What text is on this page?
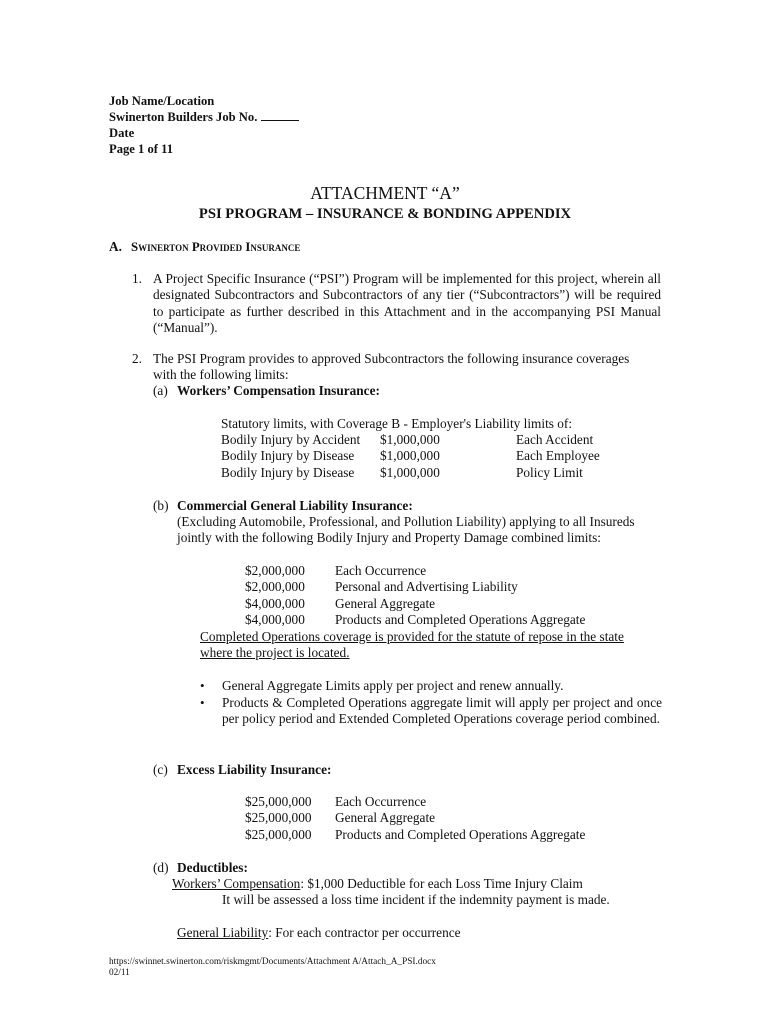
Job Name/Location
Swinerton Builders Job No.
Date
Page 1 of 11
ATTACHMENT “A”
PSI PROGRAM – INSURANCE & BONDING APPENDIX
A. Swinerton Provided Insurance
1. A Project Specific Insurance (“PSI”) Program will be implemented for this project, wherein all designated Subcontractors and Subcontractors of any tier (“Subcontractors”) will be required to participate as further described in this Attachment and in the accompanying PSI Manual (“Manual”).
2. The PSI Program provides to approved Subcontractors the following insurance coverages
with the following limits:
(a) Workers’ Compensation Insurance:
Statutory limits, with Coverage B - Employer's Liability limits of:
Bodily Injury by Accident $1,000,000	Each Accident
Bodily Injury by Disease $1,000,000	Each Employee
Bodily Injury by Disease $1,000,000	Policy Limit
(b) Commercial General Liability Insurance:
(Excluding Automobile, Professional, and Pollution Liability) applying to all Insureds
jointly with the following Bodily Injury and Property Damage combined limits:
$2,000,000 Each Occurrence
$2,000,000 Personal and Advertising Liability
$4,000,000 General Aggregate
$4,000,000 Products and Completed Operations Aggregate
Completed Operations coverage is provided for the statute of repose in the state
where the project is located.
• General Aggregate Limits apply per project and renew annually.
• Products & Completed Operations aggregate limit will apply per project and once per policy period and Extended Completed Operations coverage period combined.
(c) Excess Liability Insurance:
$25,000,000 Each Occurrence
$25,000,000 General Aggregate
$25,000,000 Products and Completed Operations Aggregate
(d) Deductibles:
Workers’ Compensation: $1,000 Deductible for each Loss Time Injury Claim
It will be assessed a loss time incident if the indemnity payment is made.
General Liability: For each contractor per occurrence
https://swinnet.swinerton.com/riskmgmt/Documents/Attachment A/Attach_A_PSI.docx
02/11
